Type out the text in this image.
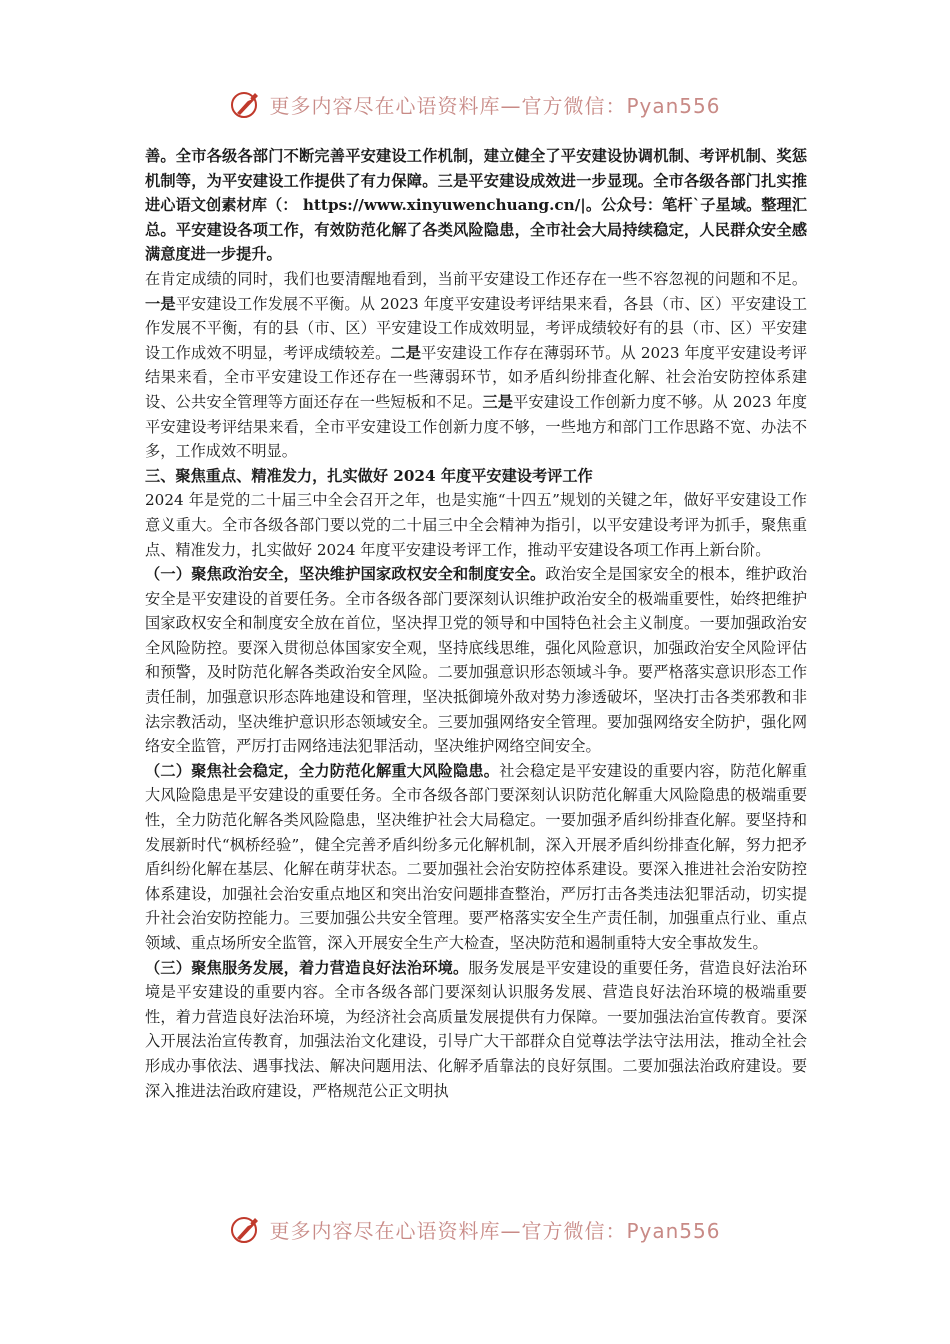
更多内容尽在心语资料库—官方微信：Pyan556

善。全市各级各部门不断完善平安建设工作机制，建立健全了平安建设协调机制、考评机制、奖惩机制等，为平安建设工作提供了有力保障。三是平安建设成效进一步显现。全市各级各部门扎实推进心语文创素材库（： https://www.xinyuwenchuang.cn/|。公众号：笔杆`子星域。整理汇总。平安建设各项工作，有效防范化解了各类风险隐患，全市社会大局持续稳定，人民群众安全感满意度进一步提升。

在肯定成绩的同时，我们也要清醒地看到，当前平安建设工作还存在一些不容忽视的问题和不足。一是平安建设工作发展不平衡。从 2023 年度平安建设考评结果来看，各县（市、区）平安建设工作发展不平衡，有的县（市、区）平安建设工作成效明显，考评成绩较好有的县（市、区）平安建设工作成效不明显，考评成绩较差。二是平安建设工作存在薄弱环节。从 2023 年度平安建设考评结果来看，全市平安建设工作还存在一些薄弱环节，如矛盾纠纷排查化解、社会治安防控体系建设、公共安全管理等方面还存在一些短板和不足。三是平安建设工作创新力度不够。从 2023 年度平安建设考评结果来看，全市平安建设工作创新力度不够，一些地方和部门工作思路不宽、办法不多，工作成效不明显。

三、聚焦重点、精准发力，扎实做好 2024 年度平安建设考评工作

2024 年是党的二十届三中全会召开之年，也是实施“十四五”规划的关键之年，做好平安建设工作意义重大。全市各级各部门要以党的二十届三中全会精神为指引，以平安建设考评为抓手，聚焦重点、精准发力，扎实做好 2024 年度平安建设考评工作，推动平安建设各项工作再上新台阶。

（一）聚焦政治安全，坚决维护国家政权安全和制度安全。政治安全是国家安全的根本，维护政治安全是平安建设的首要任务。全市各级各部门要深刻认识维护政治安全的极端重要性，始终把维护国家政权安全和制度安全放在首位，坚决捍卫党的领导和中国特色社会主义制度。一要加强政治安全风险防控。要深入贯彻总体国家安全观，坚持底线思维，强化风险意识，加强政治安全风险评估和预警，及时防范化解各类政治安全风险。二要加强意识形态领域斗争。要严格落实意识形态工作责任制，加强意识形态阵地建设和管理，坚决抵御境外敌对势力渗透破坏，坚决打击各类邪教和非法宗教活动，坚决维护意识形态领域安全。三要加强网络安全管理。要加强网络安全防护，强化网络安全监管，严厉打击网络违法犯罪活动，坚决维护网络空间安全。

（二）聚焦社会稳定，全力防范化解重大风险隐患。社会稳定是平安建设的重要内容，防范化解重大风险隐患是平安建设的重要任务。全市各级各部门要深刻认识防范化解重大风险隐患的极端重要性，全力防范化解各类风险隐患，坚决维护社会大局稳定。一要加强矛盾纠纷排查化解。要坚持和发展新时代“枫桥经验”，健全完善矛盾纠纷多元化解机制，深入开展矛盾纠纷排查化解，努力把矛盾纠纷化解在基层、化解在萌芽状态。二要加强社会治安防控体系建设。要深入推进社会治安防控体系建设，加强社会治安重点地区和突出治安问题排查整治，严厉打击各类违法犯罪活动，切实提升社会治安防控能力。三要加强公共安全管理。要严格落实安全生产责任制，加强重点行业、重点领域、重点场所安全监管，深入开展安全生产大检查，坚决防范和遏制重特大安全事故发生。

（三）聚焦服务发展，着力营造良好法治环境。服务发展是平安建设的重要任务，营造良好法治环境是平安建设的重要内容。全市各级各部门要深刻认识服务发展、营造良好法治环境的极端重要性，着力营造良好法治环境，为经济社会高质量发展提供有力保障。一要加强法治宣传教育。要深入开展法治宣传教育，加强法治文化建设，引导广大干部群众自觉尊法学法守法用法，推动全社会形成办事依法、遇事找法、解决问题用法、化解矛盾靠法的良好氛围。二要加强法治政府建设。要深入推进法治政府建设，严格规范公正文明执

更多内容尽在心语资料库—官方微信：Pyan556
